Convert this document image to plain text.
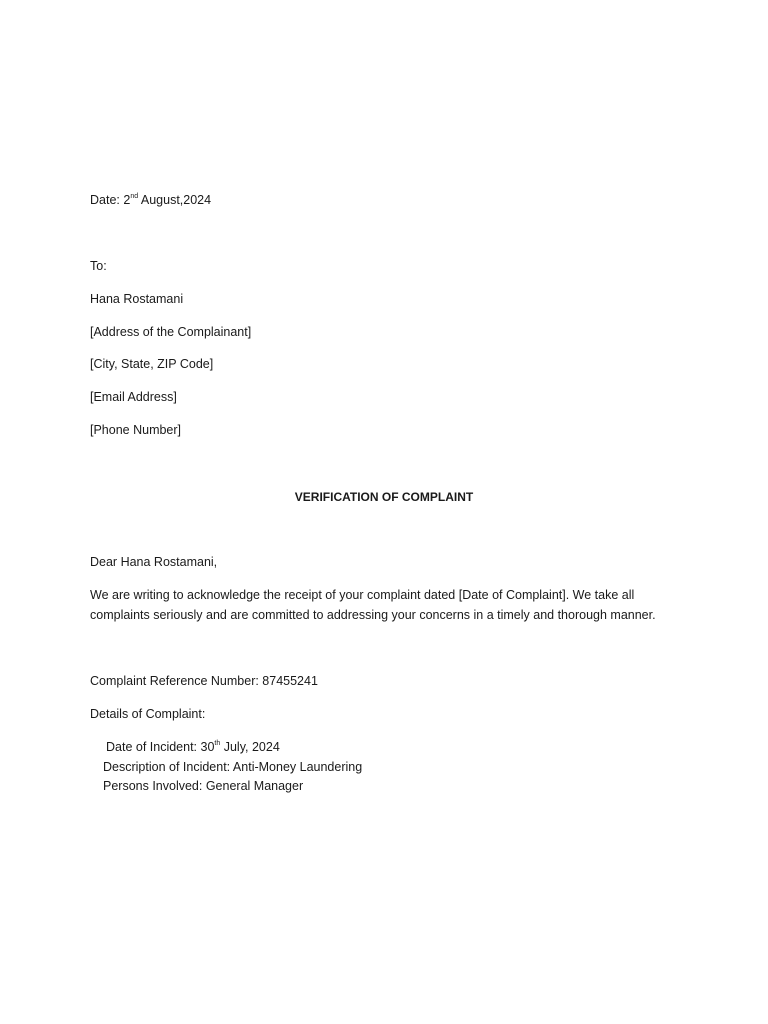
Date: 2nd August,2024
To:
Hana Rostamani
[Address of the Complainant]
[City, State, ZIP Code]
[Email Address]
[Phone Number]
VERIFICATION OF COMPLAINT
Dear Hana Rostamani,
We are writing to acknowledge the receipt of your complaint dated [Date of Complaint]. We take all
complaints seriously and are committed to addressing your concerns in a timely and thorough manner.
Complaint Reference Number: 87455241
Details of Complaint:
Date of Incident: 30th July, 2024
Description of Incident: Anti-Money Laundering
Persons Involved: General Manager
